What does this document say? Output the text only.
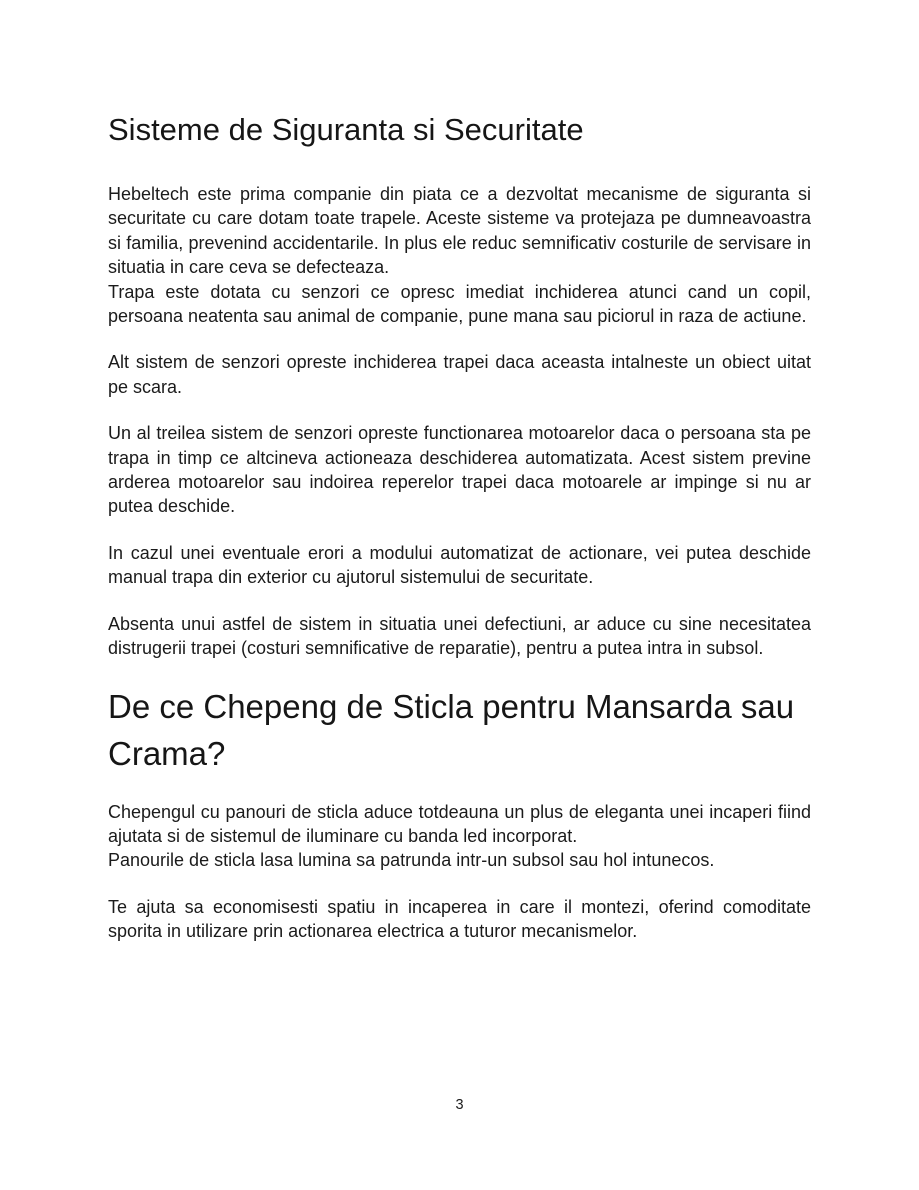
Sisteme de Siguranta si Securitate

Hebeltech este prima companie din piata ce a dezvoltat mecanisme de siguranta si securitate cu care dotam toate trapele. Aceste sisteme va protejaza pe dumneavoastra si familia, prevenind accidentarile. In plus ele reduc semnificativ costurile de servisare in situatia in care ceva se defecteaza.

Trapa este dotata cu senzori ce opresc imediat inchiderea atunci cand un copil, persoana neatenta sau animal de companie, pune mana sau piciorul in raza de actiune.

Alt sistem de senzori opreste inchiderea trapei daca aceasta intalneste un obiect uitat pe scara.

Un al treilea sistem de senzori opreste functionarea motoarelor daca o persoana sta pe trapa in timp ce altcineva actioneaza deschiderea automatizata. Acest sistem previne arderea motoarelor sau indoirea reperelor trapei daca motoarele ar impinge si nu ar putea deschide.

In cazul unei eventuale erori a modului automatizat de actionare, vei putea deschide manual trapa din exterior cu ajutorul sistemului de securitate.

Absenta unui astfel de sistem in situatia unei defectiuni, ar aduce cu sine necesitatea distrugerii trapei (costuri semnificative de reparatie), pentru a putea intra in subsol.

De ce Chepeng de Sticla pentru Mansarda sau Crama?

Chepengul cu panouri de sticla aduce totdeauna un plus de eleganta unei incaperi fiind ajutata si de sistemul de iluminare cu banda led incorporat.

Panourile de sticla lasa lumina sa patrunda intr-un subsol sau hol intunecos.

Te ajuta sa economisesti spatiu in incaperea in care il montezi, oferind comoditate sporita in utilizare prin actionarea electrica a tuturor mecanismelor.

3
